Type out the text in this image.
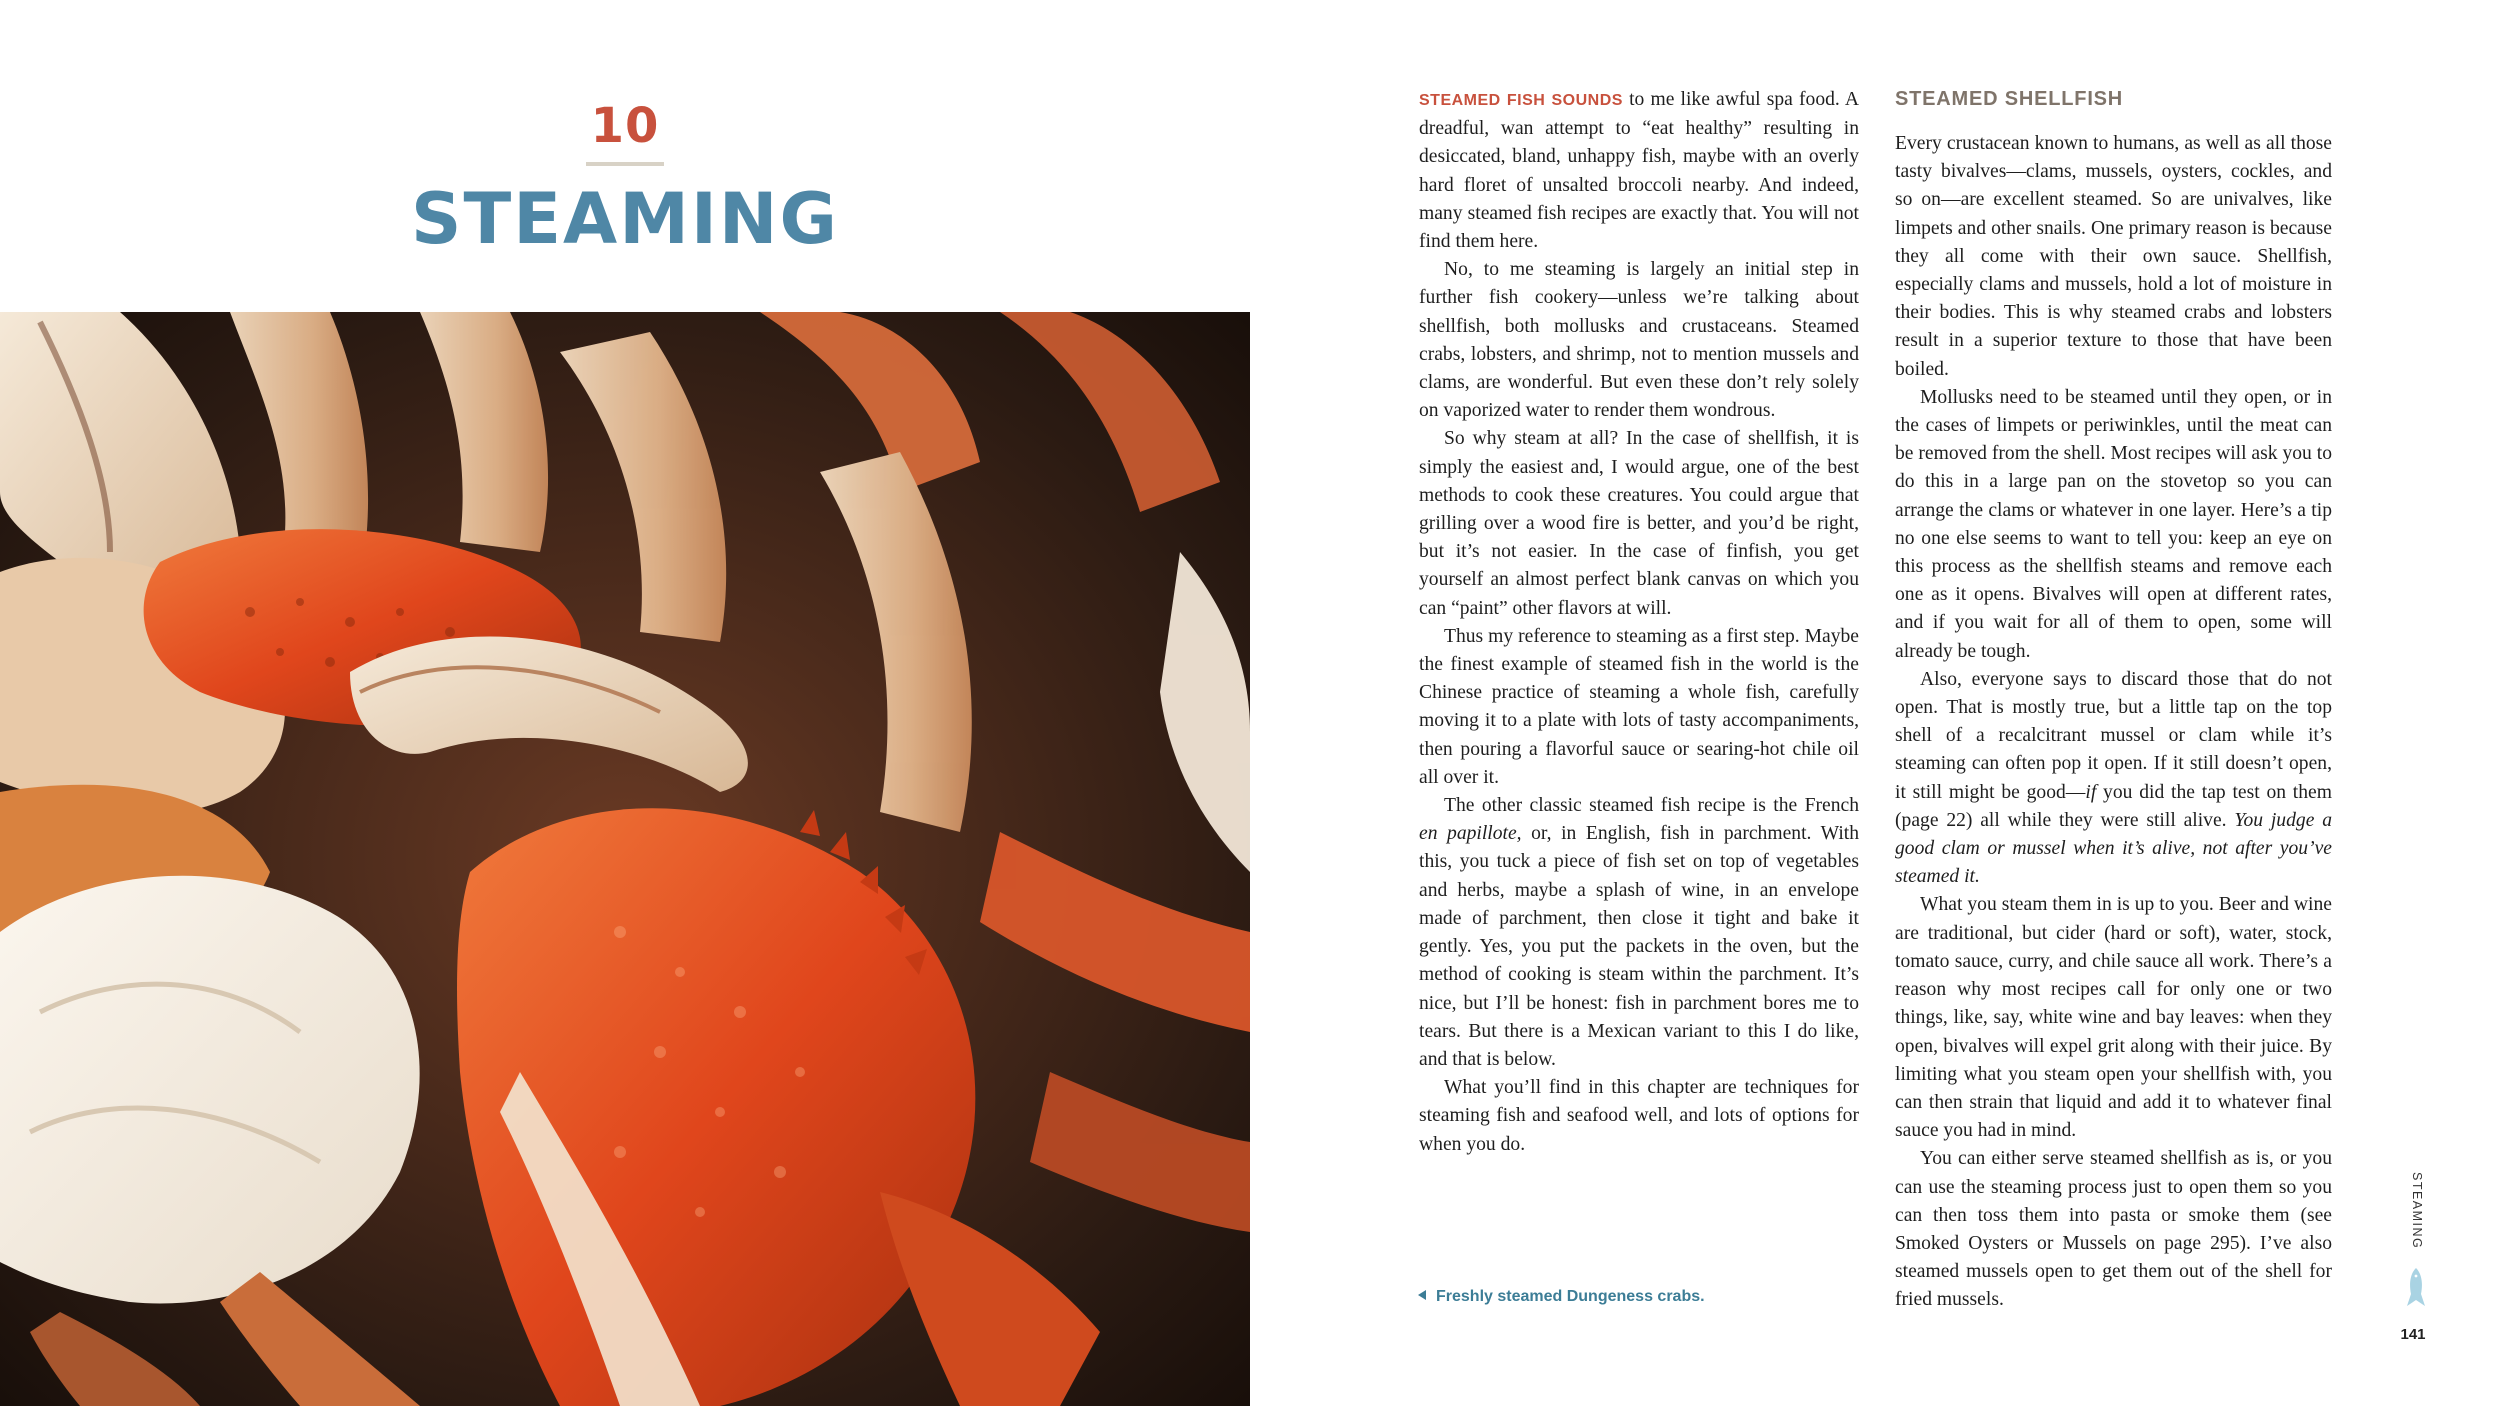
10
STEAMING

STEAMED FISH SOUNDS to me like awful spa food. A dreadful, wan attempt to “eat healthy” resulting in desiccated, bland, unhappy fish, maybe with an overly hard floret of unsalted broccoli nearby. And indeed, many steamed fish recipes are exactly that. You will not find them here.

No, to me steaming is largely an initial step in further fish cookery—unless we’re talking about shellfish, both mollusks and crustaceans. Steamed crabs, lobsters, and shrimp, not to mention mussels and clams, are wonderful. But even these don’t rely solely on vaporized water to render them wondrous.

So why steam at all? In the case of shellfish, it is simply the easiest and, I would argue, one of the best methods to cook these creatures. You could argue that grilling over a wood fire is better, and you’d be right, but it’s not easier. In the case of finfish, you get yourself an almost perfect blank canvas on which you can “paint” other flavors at will.

Thus my reference to steaming as a first step. Maybe the finest example of steamed fish in the world is the Chinese practice of steaming a whole fish, carefully moving it to a plate with lots of tasty accompaniments, then pouring a flavorful sauce or searing-hot chile oil all over it.

The other classic steamed fish recipe is the French en papillote, or, in English, fish in parchment. With this, you tuck a piece of fish set on top of vegetables and herbs, maybe a splash of wine, in an envelope made of parchment, then close it tight and bake it gently. Yes, you put the packets in the oven, but the method of cooking is steam within the parchment. It’s nice, but I’ll be honest: fish in parchment bores me to tears. But there is a Mexican variant to this I do like, and that is below.

What you’ll find in this chapter are techniques for steaming fish and seafood well, and lots of options for when you do.

STEAMED SHELLFISH

Every crustacean known to humans, as well as all those tasty bivalves—clams, mussels, oysters, cockles, and so on—are excellent steamed. So are univalves, like limpets and other snails. One primary reason is because they all come with their own sauce. Shellfish, especially clams and mussels, hold a lot of moisture in their bodies. This is why steamed crabs and lobsters result in a superior texture to those that have been boiled.

Mollusks need to be steamed until they open, or in the cases of limpets or periwinkles, until the meat can be removed from the shell. Most recipes will ask you to do this in a large pan on the stovetop so you can arrange the clams or whatever in one layer. Here’s a tip no one else seems to want to tell you: keep an eye on this process as the shellfish steams and remove each one as it opens. Bivalves will open at different rates, and if you wait for all of them to open, some will already be tough.

Also, everyone says to discard those that do not open. That is mostly true, but a little tap on the top shell of a recalcitrant mussel or clam while it’s steaming can often pop it open. If it still doesn’t open, it still might be good—if you did the tap test on them (page 22) all while they were still alive. You judge a good clam or mussel when it’s alive, not after you’ve steamed it.

What you steam them in is up to you. Beer and wine are traditional, but cider (hard or soft), water, stock, tomato sauce, curry, and chile sauce all work. There’s a reason why most recipes call for only one or two things, like, say, white wine and bay leaves: when they open, bivalves will expel grit along with their juice. By limiting what you steam open your shellfish with, you can then strain that liquid and add it to whatever final sauce you had in mind.

You can either serve steamed shellfish as is, or you can use the steaming process just to open them so you can then toss them into pasta or smoke them (see Smoked Oysters or Mussels on page 295). I’ve also steamed mussels open to get them out of the shell for fried mussels.

Freshly steamed Dungeness crabs.
STEAMING
141
